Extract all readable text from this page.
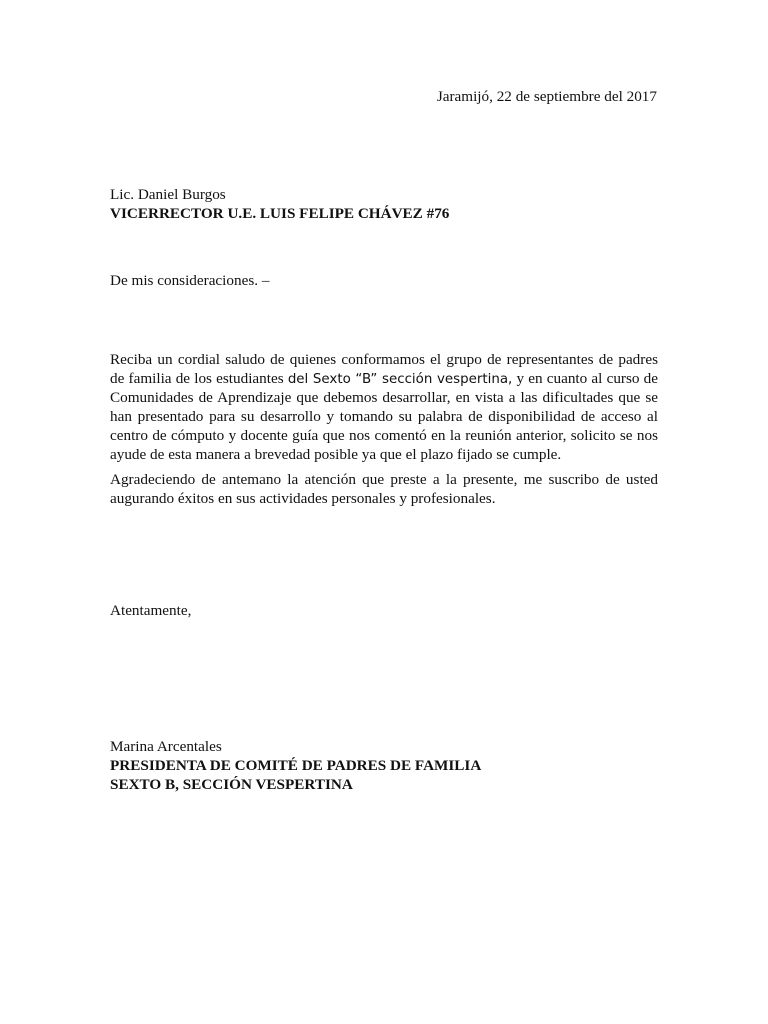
Jaramijó, 22 de septiembre del 2017
Lic. Daniel Burgos
VICERRECTOR U.E. LUIS FELIPE CHÁVEZ #76
De mis consideraciones. –
Reciba un cordial saludo de quienes conformamos el grupo de representantes de padres
de familia de los estudiantes del Sexto “B” sección vespertina, y en cuanto al curso de
Comunidades de Aprendizaje que debemos desarrollar, en vista a las dificultades que se
han presentado para su desarrollo y tomando su palabra de disponibilidad de acceso al
centro de cómputo y docente guía que nos comentó en la reunión anterior, solicito se nos
ayude de esta manera a brevedad posible ya que el plazo fijado se cumple.
Agradeciendo de antemano la atención que preste a la presente, me suscribo de usted
augurando éxitos en sus actividades personales y profesionales.
Atentamente,
Marina Arcentales
PRESIDENTA DE COMITÉ DE PADRES DE FAMILIA
SEXTO B, SECCIÓN VESPERTINA
